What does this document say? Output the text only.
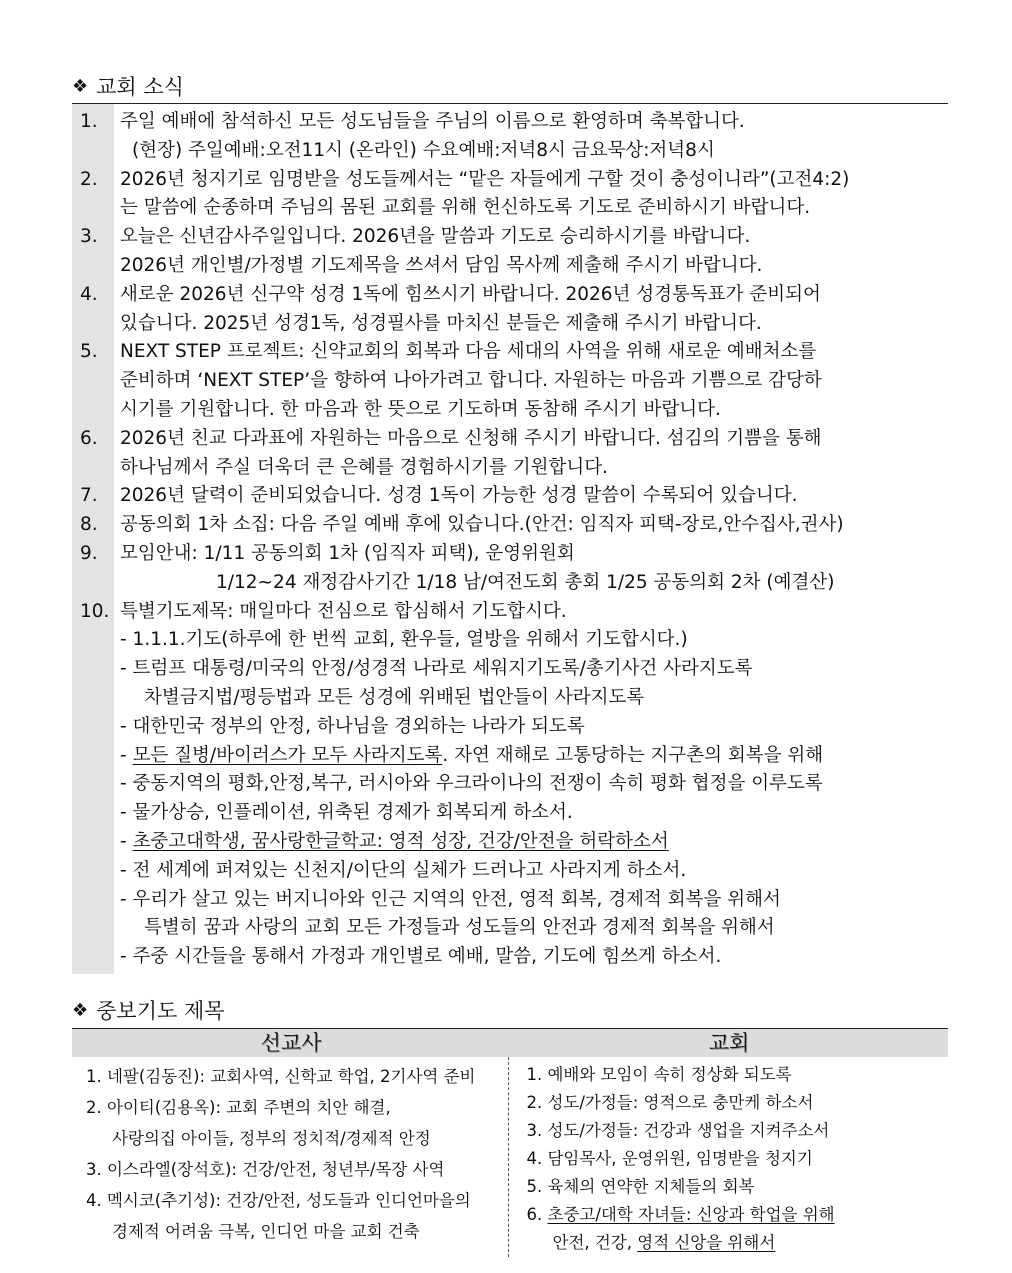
❖ 교회 소식
1.	주일 예배에 참석하신 모든 성도님들을 주님의 이름으로 환영하며 축복합니다.
(현장) 주일예배:오전11시 (온라인) 수요예배:저녁8시 금요묵상:저녁8시
2.	2026년 청지기로 임명받을 성도들께서는 “맡은 자들에게 구할 것이 충성이니라”(고전4:2)
는 말씀에 순종하며 주님의 몸된 교회를 위해 헌신하도록 기도로 준비하시기 바랍니다.
3.	오늘은 신년감사주일입니다. 2026년을 말씀과 기도로 승리하시기를 바랍니다.
2026년 개인별/가정별 기도제목을 쓰셔서 담임 목사께 제출해 주시기 바랍니다.
4.	새로운 2026년 신구약 성경 1독에 힘쓰시기 바랍니다. 2026년 성경통독표가 준비되어
있습니다. 2025년 성경1독, 성경필사를 마치신 분들은 제출해 주시기 바랍니다.
5.	NEXT STEP 프로젝트: 신약교회의 회복과 다음 세대의 사역을 위해 새로운 예배처소를
준비하며 ‘NEXT STEP’을 향하여 나아가려고 합니다. 자원하는 마음과 기쁨으로 감당하
시기를 기원합니다. 한 마음과 한 뜻으로 기도하며 동참해 주시기 바랍니다.
6.	2026년 친교 다과표에 자원하는 마음으로 신청해 주시기 바랍니다. 섬김의 기쁨을 통해
하나님께서 주실 더욱더 큰 은혜를 경험하시기를 기원합니다.
7.	2026년 달력이 준비되었습니다. 성경 1독이 가능한 성경 말씀이 수록되어 있습니다.
8.	공동의회 1차 소집: 다음 주일 예배 후에 있습니다.(안건: 임직자 피택-장로,안수집사,권사)
9.	모임안내: 1/11 공동의회 1차 (임직자 피택), 운영위원회
1/12~24 재정감사기간 1/18 남/여전도회 총회 1/25 공동의회 2차 (예결산)
10. 특별기도제목: 매일마다 전심으로 합심해서 기도합시다.
- 1.1.1.기도(하루에 한 번씩 교회, 환우들, 열방을 위해서 기도합시다.)
- 트럼프 대통령/미국의 안정/성경적 나라로 세워지기도록/총기사건 사라지도록
차별금지법/평등법과 모든 성경에 위배된 법안들이 사라지도록
- 대한민국 정부의 안정, 하나님을 경외하는 나라가 되도록
- 모든 질병/바이러스가 모두 사라지도록. 자연 재해로 고통당하는 지구촌의 회복을 위해
- 중동지역의 평화,안정,복구, 러시아와 우크라이나의 전쟁이 속히 평화 협정을 이루도록
- 물가상승, 인플레이션, 위축된 경제가 회복되게 하소서.
- 초중고대학생, 꿈사랑한글학교: 영적 성장, 건강/안전을 허락하소서
- 전 세계에 퍼져있는 신천지/이단의 실체가 드러나고 사라지게 하소서.
- 우리가 살고 있는 버지니아와 인근 지역의 안전, 영적 회복, 경제적 회복을 위해서
특별히 꿈과 사랑의 교회 모든 가정들과 성도들의 안전과 경제적 회복을 위해서
- 주중 시간들을 통해서 가정과 개인별로 예배, 말씀, 기도에 힘쓰게 하소서.
❖ 중보기도 제목
선교사	교회
1. 네팔(김동진): 교회사역, 신학교 학업, 2기사역 준비
2. 아이티(김용옥): 교회 주변의 치안 해결,
사랑의집 아이들, 정부의 정치적/경제적 안정
3. 이스라엘(장석호): 건강/안전, 청년부/목장 사역
4. 멕시코(추기성): 건강/안전, 성도들과 인디언마을의
경제적 어려움 극복, 인디언 마을 교회 건축
1. 예배와 모임이 속히 정상화 되도록
2. 성도/가정들: 영적으로 충만케 하소서
3. 성도/가정들: 건강과 생업을 지켜주소서
4. 담임목사, 운영위원, 임명받을 청지기
5. 육체의 연약한 지체들의 회복
6. 초중고/대학 자녀들: 신앙과 학업을 위해
안전, 건강, 영적 신앙을 위해서
